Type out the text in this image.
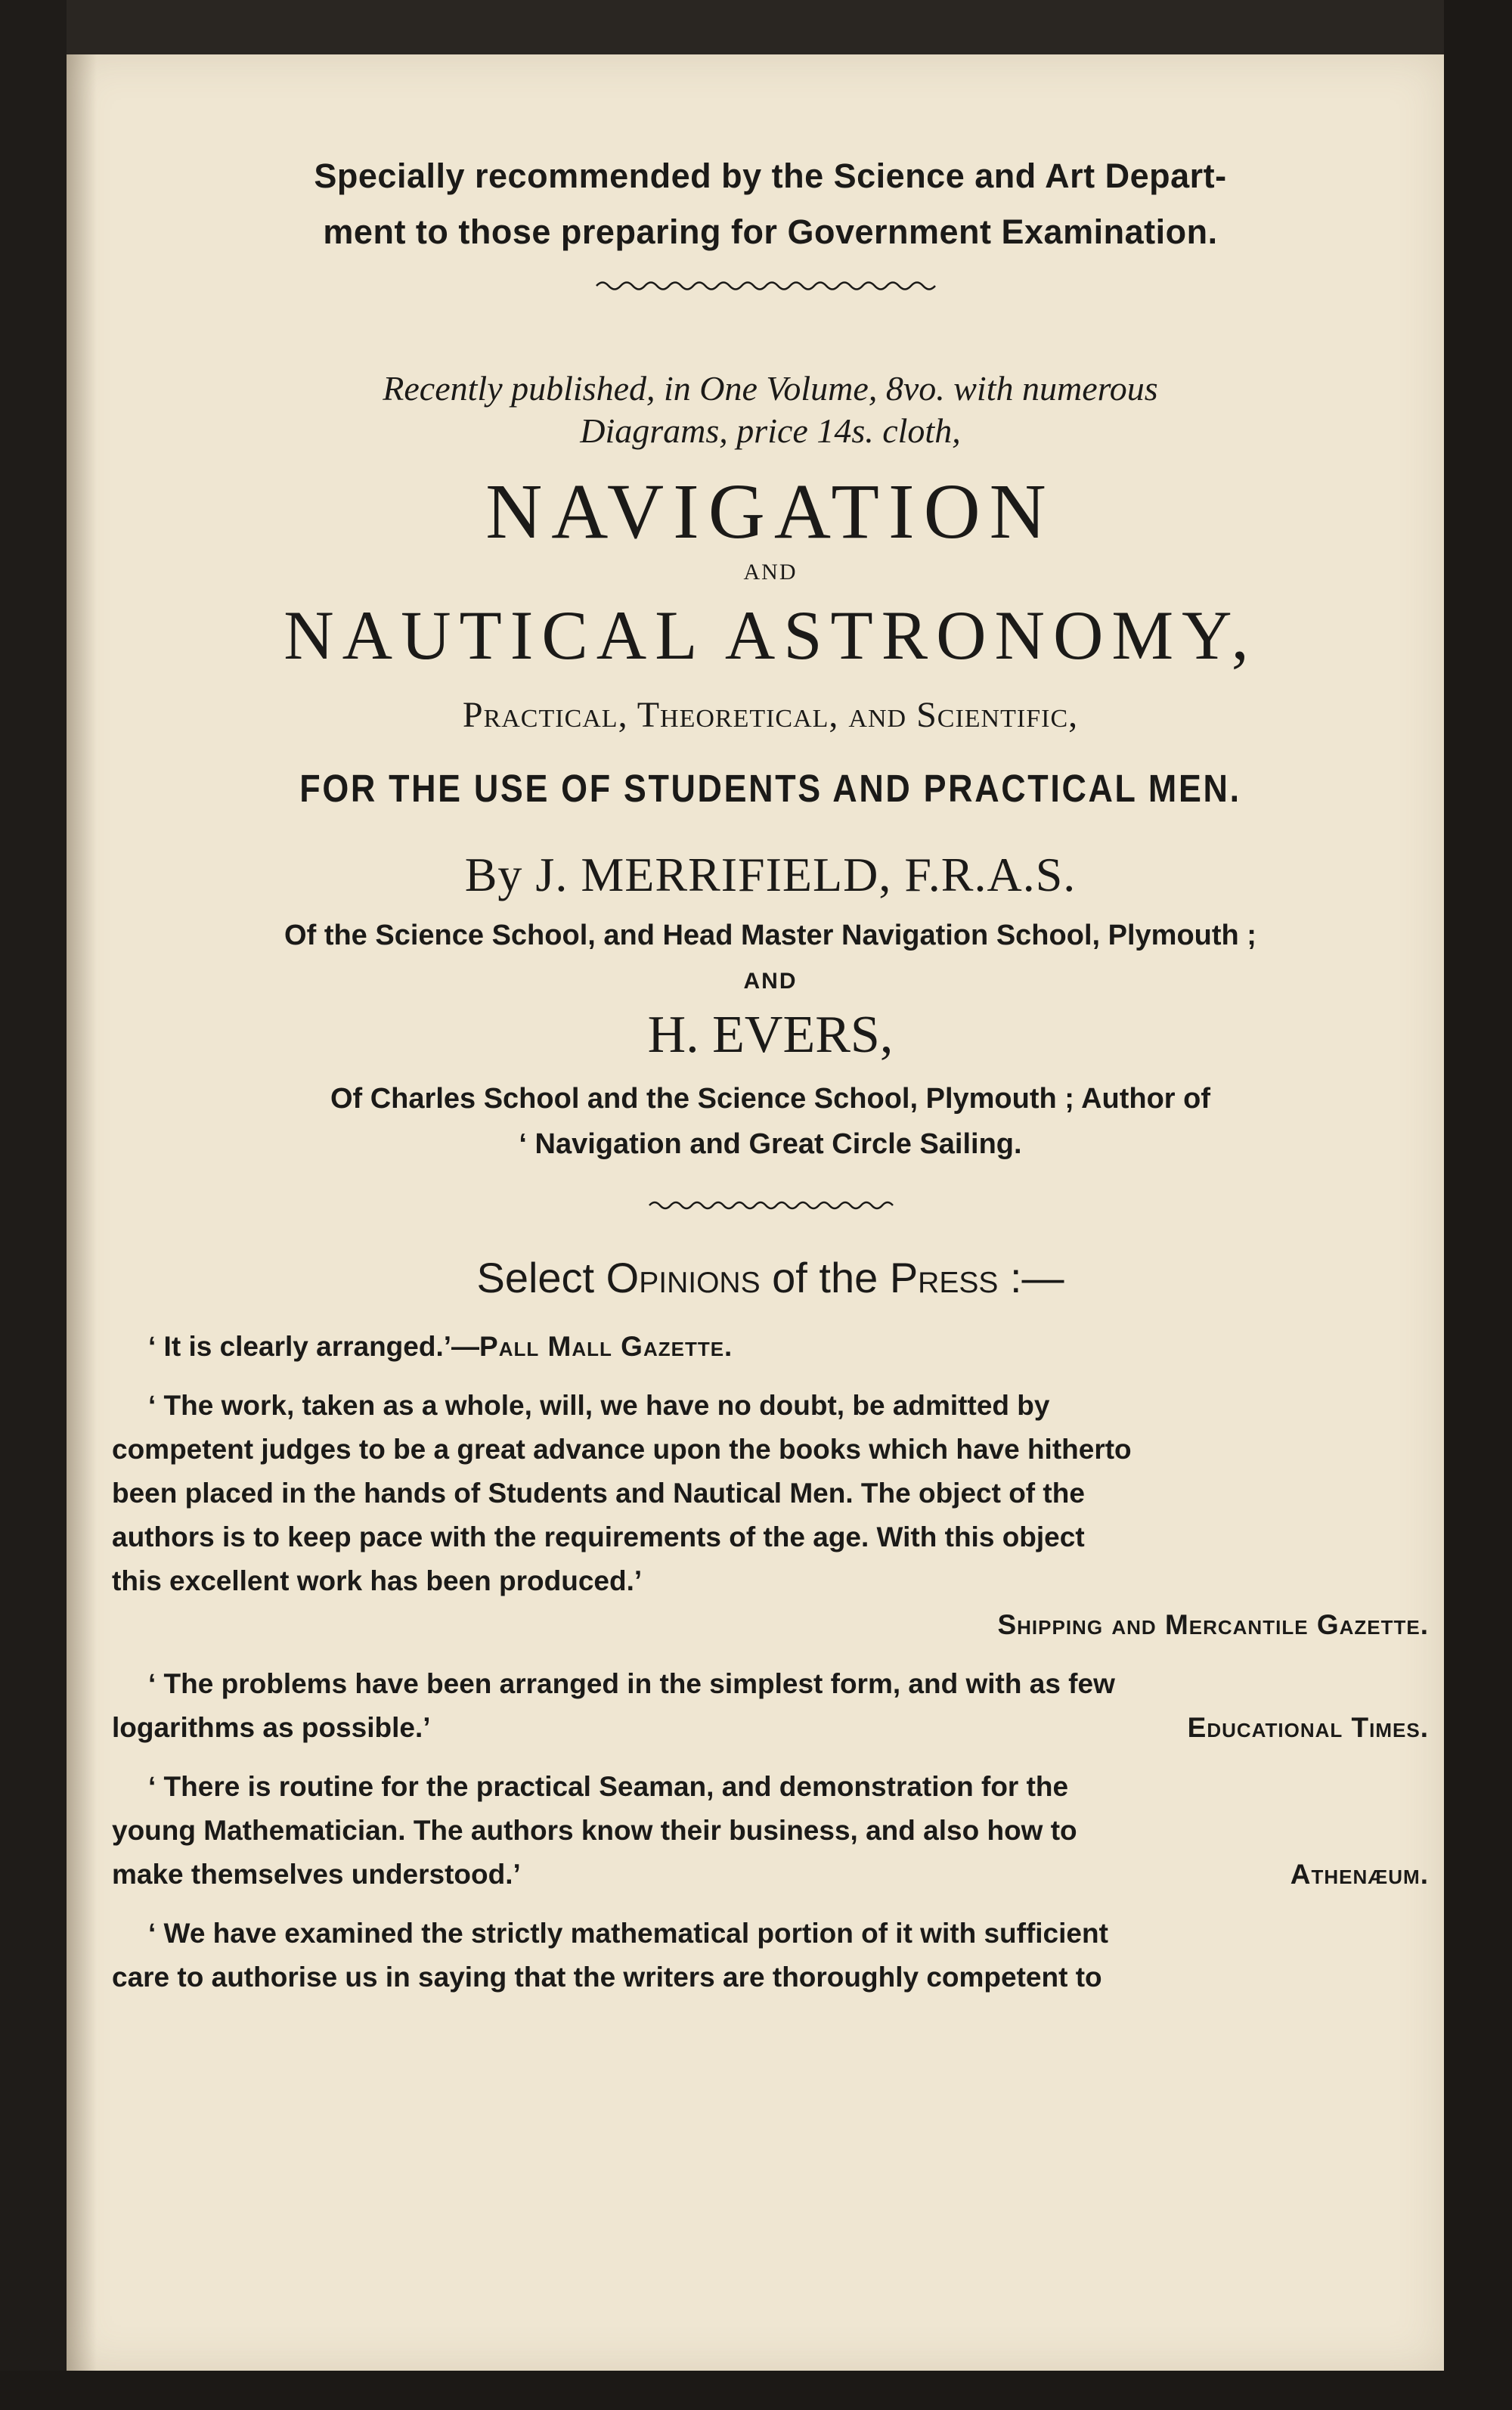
Specially recommended by the Science and Art Depart-
ment to those preparing for Government Examination.
Recently published, in One Volume, 8vo. with numerous
Diagrams, price 14s. cloth,
NAVIGATION
AND
NAUTICAL ASTRONOMY,
Practical, Theoretical, and Scientific,
FOR THE USE OF STUDENTS AND PRACTICAL MEN.
By J. MERRIFIELD, F.R.A.S.
Of the Science School, and Head Master Navigation School, Plymouth ;
AND
H. EVERS,
Of Charles School and the Science School, Plymouth ; Author of
‘ Navigation and Great Circle Sailing.
Select Opinions of the Press :—
‘ It is clearly arranged.’—Pall Mall Gazette.
‘ The work, taken as a whole, will, we have no doubt, be admitted by
competent judges to be a great advance upon the books which have hitherto
been placed in the hands of Students and Nautical Men. The object of the
authors is to keep pace with the requirements of the age. With this object
this excellent work has been produced.’
Shipping and Mercantile Gazette.
‘ The problems have been arranged in the simplest form, and with as few
logarithms as possible.’	Educational Times.
‘ There is routine for the practical Seaman, and demonstration for the
young Mathematician. The authors know their business, and also how to
make themselves understood.’	Athenæum.
‘ We have examined the strictly mathematical portion of it with sufficient
care to authorise us in saying that the writers are thoroughly competent to
